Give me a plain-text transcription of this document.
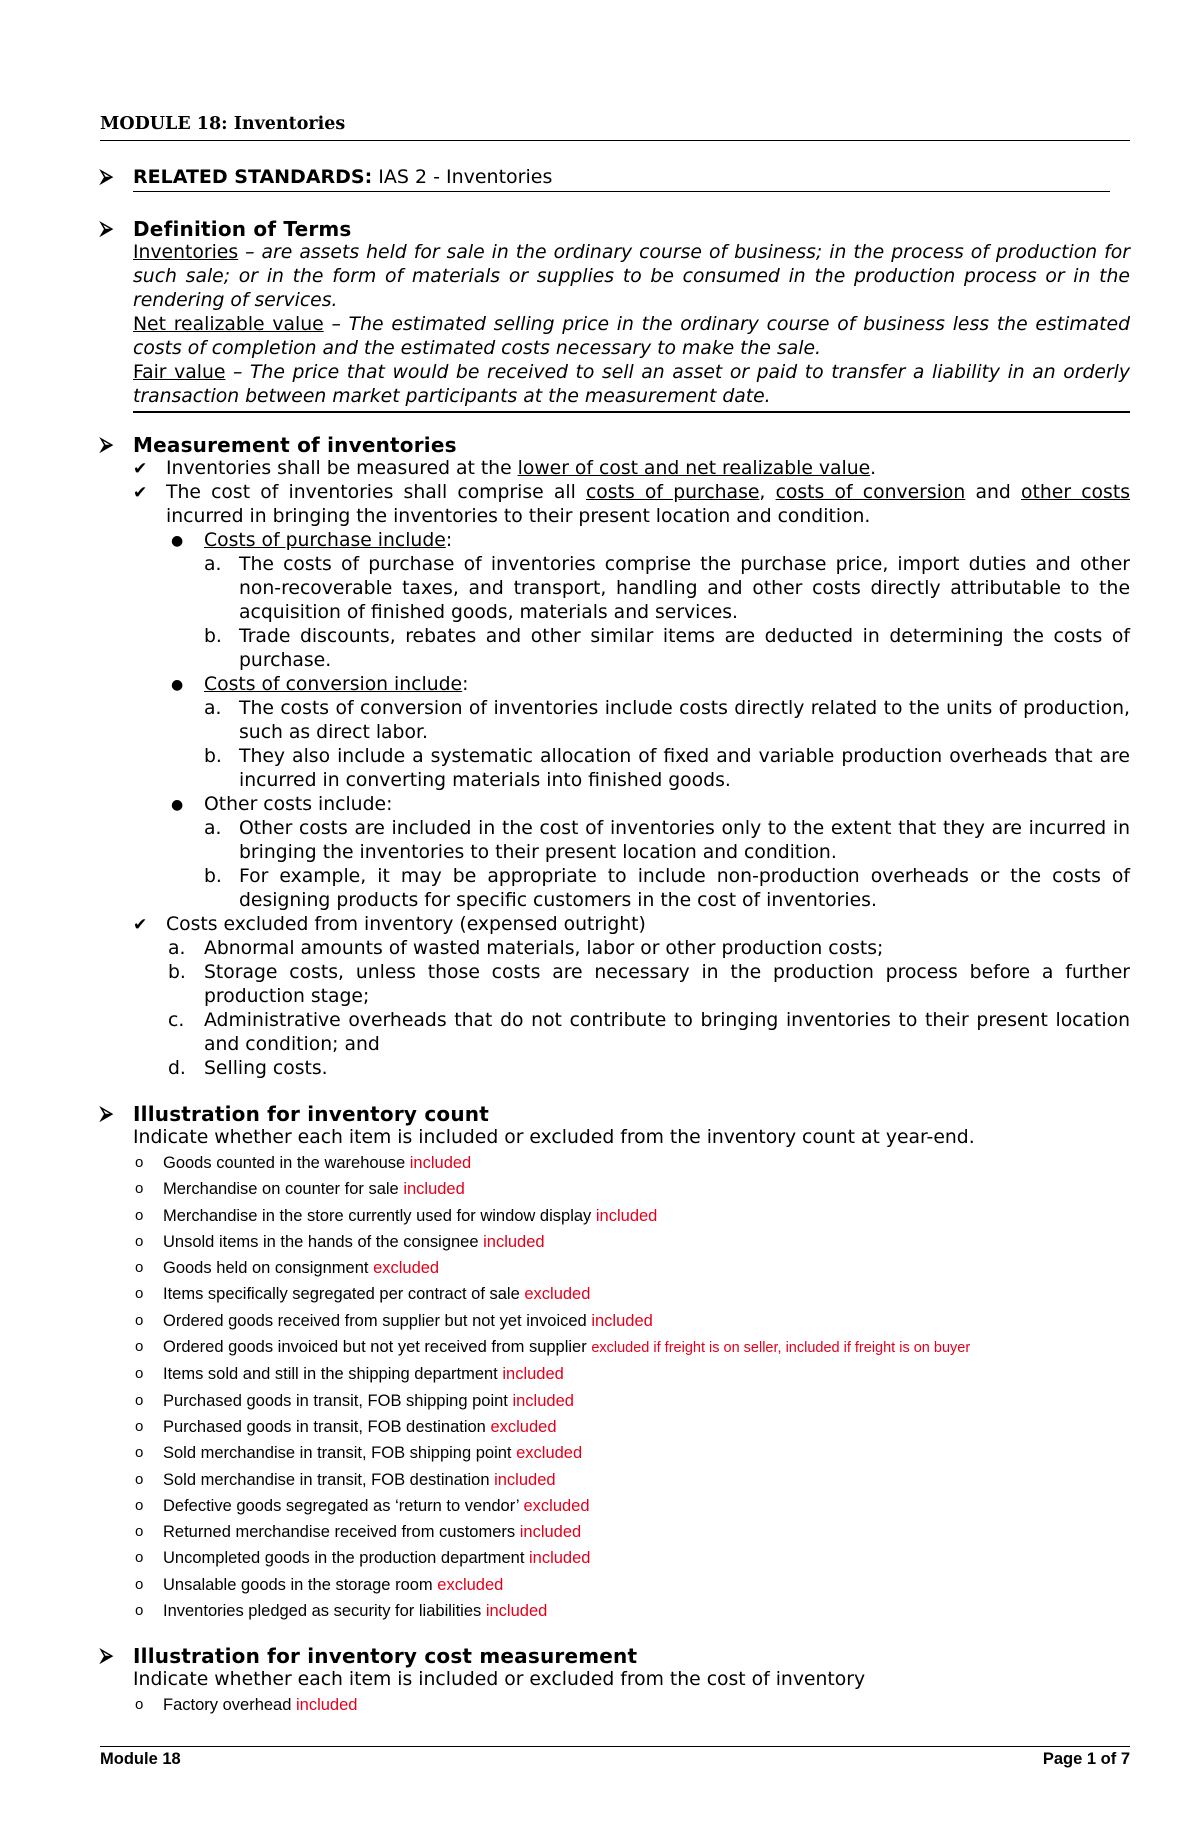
MODULE 18: Inventories
⮚ RELATED STANDARDS: IAS 2 - Inventories
⮚ Definition of Terms
Inventories – are assets held for sale in the ordinary course of business; in the process of production for such sale; or in the form of materials or supplies to be consumed in the production process or in the rendering of services.
Net realizable value – The estimated selling price in the ordinary course of business less the estimated costs of completion and the estimated costs necessary to make the sale.
Fair value – The price that would be received to sell an asset or paid to transfer a liability in an orderly transaction between market participants at the measurement date.
⮚ Measurement of inventories
✔ Inventories shall be measured at the lower of cost and net realizable value.
✔ The cost of inventories shall comprise all costs of purchase, costs of conversion and other costs incurred in bringing the inventories to their present location and condition.
● Costs of purchase include:
a. The costs of purchase of inventories comprise the purchase price, import duties and other non-recoverable taxes, and transport, handling and other costs directly attributable to the acquisition of finished goods, materials and services.
b. Trade discounts, rebates and other similar items are deducted in determining the costs of purchase.
● Costs of conversion include:
a. The costs of conversion of inventories include costs directly related to the units of production, such as direct labor.
b. They also include a systematic allocation of fixed and variable production overheads that are incurred in converting materials into finished goods.
● Other costs include:
a. Other costs are included in the cost of inventories only to the extent that they are incurred in bringing the inventories to their present location and condition.
b. For example, it may be appropriate to include non-production overheads or the costs of designing products for specific customers in the cost of inventories.
✔ Costs excluded from inventory (expensed outright)
a. Abnormal amounts of wasted materials, labor or other production costs;
b. Storage costs, unless those costs are necessary in the production process before a further production stage;
c. Administrative overheads that do not contribute to bringing inventories to their present location and condition; and
d. Selling costs.
⮚ Illustration for inventory count
Indicate whether each item is included or excluded from the inventory count at year-end.
o Goods counted in the warehouse included
o Merchandise on counter for sale included
o Merchandise in the store currently used for window display included
o Unsold items in the hands of the consignee included
o Goods held on consignment excluded
o Items specifically segregated per contract of sale excluded
o Ordered goods received from supplier but not yet invoiced included
o Ordered goods invoiced but not yet received from supplier excluded if freight is on seller, included if freight is on buyer
o Items sold and still in the shipping department included
o Purchased goods in transit, FOB shipping point included
o Purchased goods in transit, FOB destination excluded
o Sold merchandise in transit, FOB shipping point excluded
o Sold merchandise in transit, FOB destination included
o Defective goods segregated as ‘return to vendor’ excluded
o Returned merchandise received from customers included
o Uncompleted goods in the production department included
o Unsalable goods in the storage room excluded
o Inventories pledged as security for liabilities included
⮚ Illustration for inventory cost measurement
Indicate whether each item is included or excluded from the cost of inventory
o Factory overhead included
Module 18	Page 1 of 7
